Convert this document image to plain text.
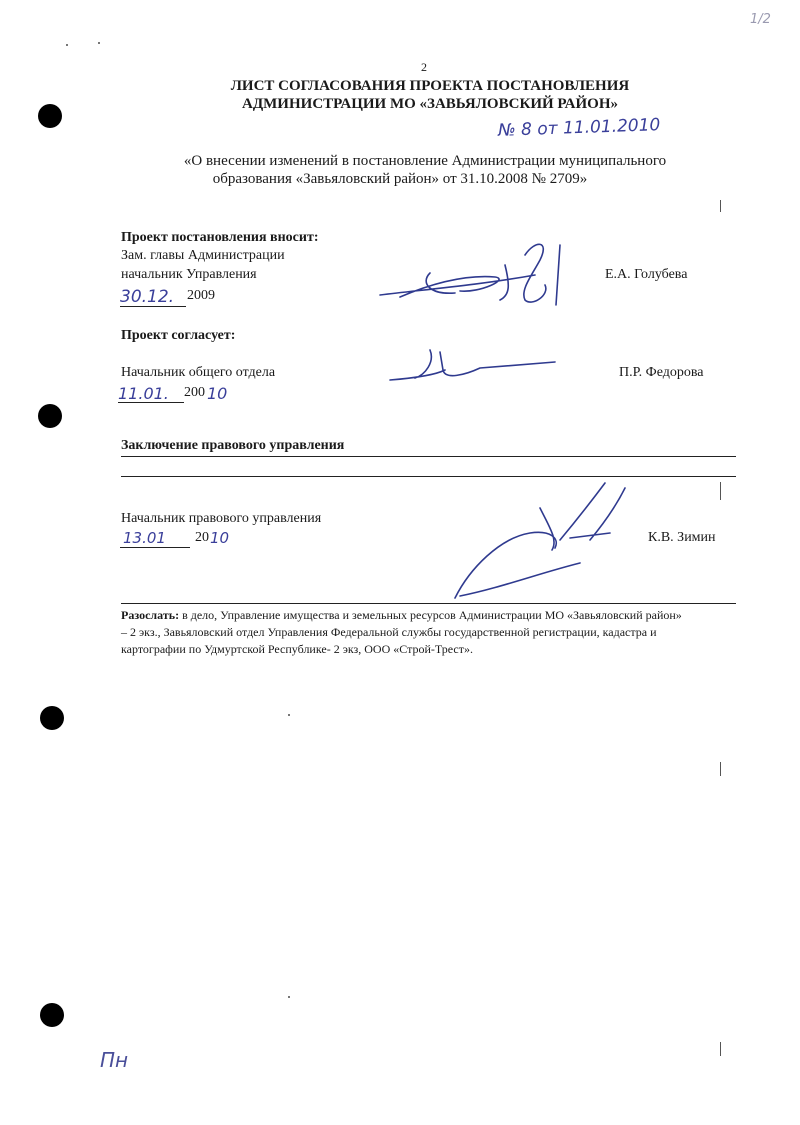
1/2
2
ЛИСТ СОГЛАСОВАНИЯ ПРОЕКТА ПОСТАНОВЛЕНИЯ
АДМИНИСТРАЦИИ МО «ЗАВЬЯЛОВСКИЙ РАЙОН»
№ 8 от 11.01.2010
«О внесении изменений в постановление Администрации муниципального
образования «Завьяловский район» от 31.10.2008 № 2709»
Проект постановления вносит:
Зам. главы Администрации
начальник Управления
30.12. 2009
Е.А. Голубева
Проект согласует:
Начальник общего отдела
11.01. 200 10
П.Р. Федорова
Заключение правового управления
Начальник правового управления
13.01 20 10	К.В. Зимин
Разослать: в дело, Управление имущества и земельных ресурсов Администрации МО «Завьяловский район»
– 2 экз., Завьяловский отдел Управления Федеральной службы государственной регистрации, кадастра и
картографии по Удмуртской Республике- 2 экз, ООО «Строй-Трест».
Пн
